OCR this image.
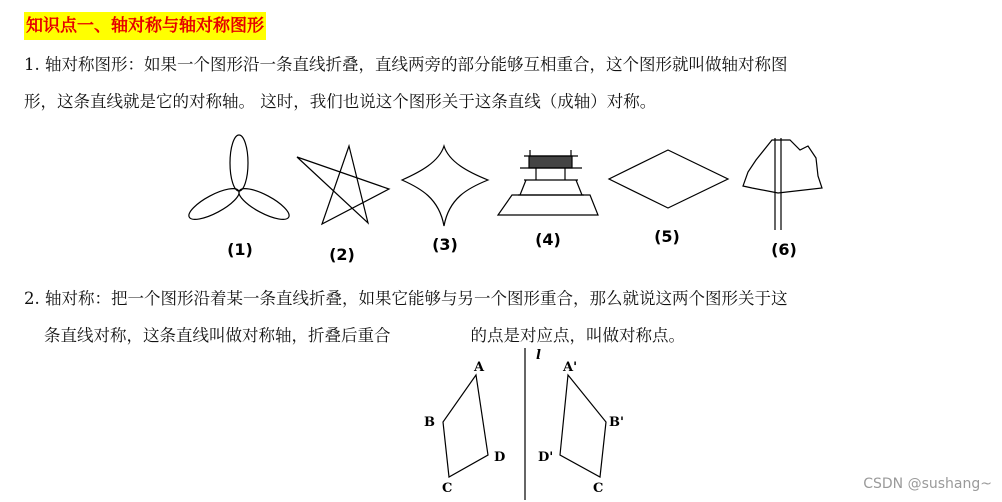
知识点一、轴对称与轴对称图形
1. 轴对称图形：如果一个图形沿一条直线折叠，直线两旁的部分能够互相重合，这个图形就叫做轴对称图
形，这条直线就是它的对称轴。 这时，我们也说这个图形关于这条直线（成轴）对称。
2. 轴对称：把一个图形沿着某一条直线折叠，如果它能够与另一个图形重合，那么就说这两个图形关于这
条直线对称，这条直线叫做对称轴，折叠后重合	的点是对应点，叫做对称点。
(1)	(2)
(3)	(4)	(5)
(6)
l
A
B
C
D
A'
B'
C
D'
CSDN @sushang~
